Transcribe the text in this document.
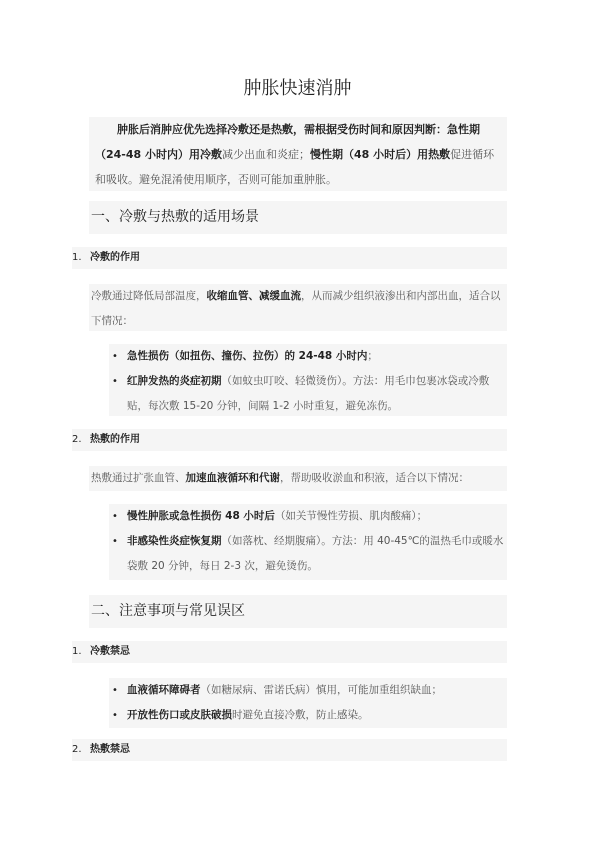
肿胀快速消肿

肿胀后消肿应优先选择冷敷还是热敷，需根据受伤时间和原因判断：急性期（24-48 小时内）用冷敷减少出血和炎症；慢性期（48 小时后）用热敷促进循环和吸收。避免混淆使用顺序，否则可能加重肿胀。

一、冷敷与热敷的适用场景
1. 冷敷的作用

冷敷通过降低局部温度，收缩血管、减缓血流，从而减少组织液渗出和内部出血，适合以下情况：

• 急性损伤（如扭伤、撞伤、拉伤）的 24-48 小时内；
• 红肿发热的炎症初期（如蚊虫叮咬、轻微烫伤）。方法：用毛巾包裹冰袋或冷敷贴，每次敷 15-20 分钟，间隔 1-2 小时重复，避免冻伤。
2. 热敷的作用

热敷通过扩张血管、加速血液循环和代谢，帮助吸收淤血和积液，适合以下情况：

• 慢性肿胀或急性损伤 48 小时后（如关节慢性劳损、肌肉酸痛）；
• 非感染性炎症恢复期（如落枕、经期腹痛）。方法：用 40-45℃的温热毛巾或暖水袋敷 20 分钟，每日 2-3 次，避免烫伤。
二、注意事项与常见误区
1. 冷敷禁忌
• 血液循环障碍者（如糖尿病、雷诺氏病）慎用，可能加重组织缺血；
• 开放性伤口或皮肤破损时避免直接冷敷，防止感染。
2. 热敷禁忌
